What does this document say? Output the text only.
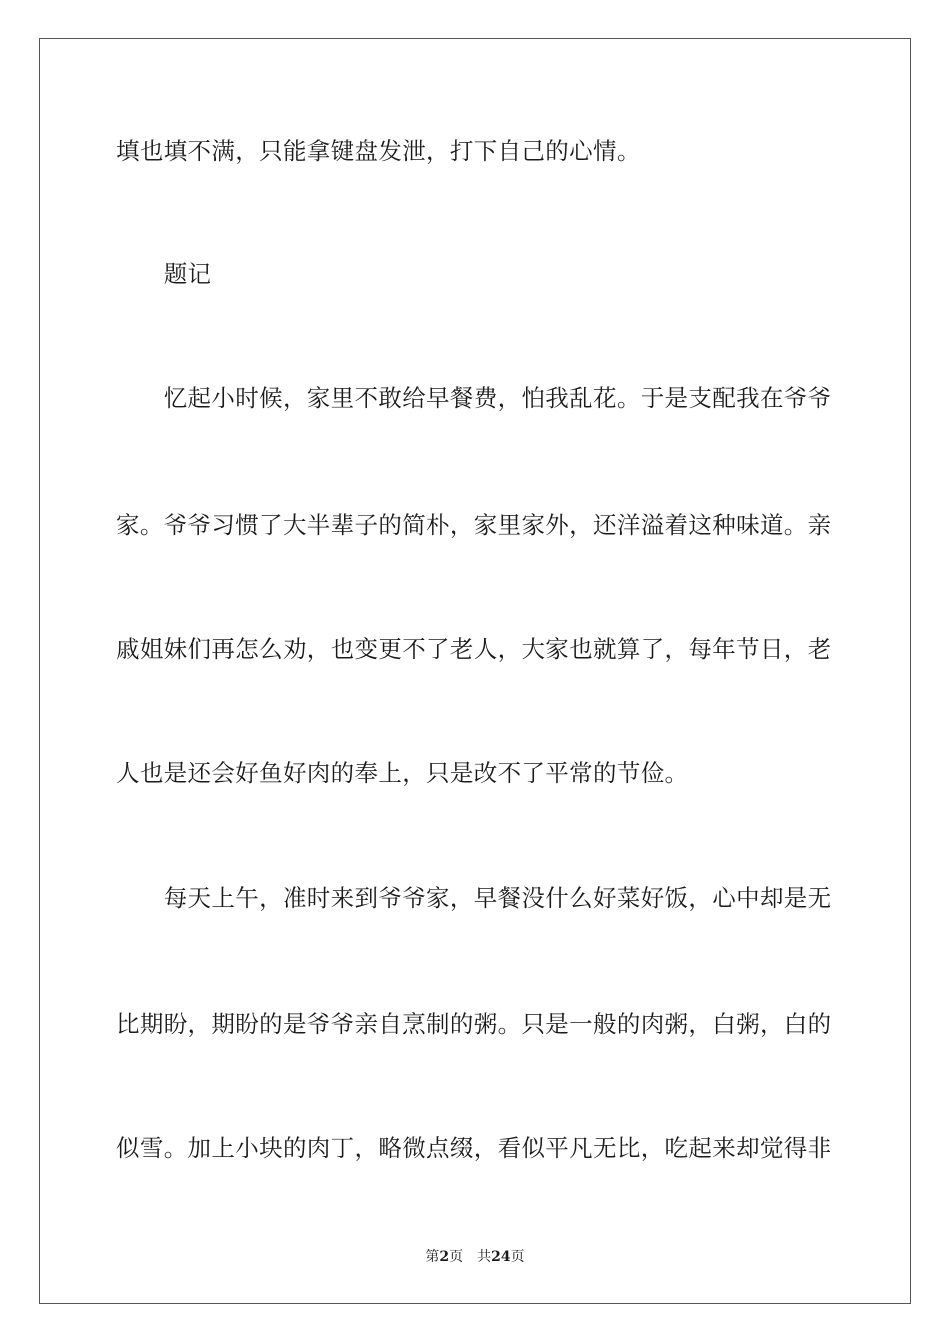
填也填不满，只能拿键盘发泄，打下自己的心情。
　　题记
　　忆起小时候，家里不敢给早餐费，怕我乱花。于是支配我在爷爷
家。爷爷习惯了大半辈子的简朴，家里家外，还洋溢着这种味道。亲
戚姐妹们再怎么劝，也变更不了老人，大家也就算了，每年节日，老
人也是还会好鱼好肉的奉上，只是改不了平常的节俭。
　　每天上午，准时来到爷爷家，早餐没什么好菜好饭，心中却是无
比期盼，期盼的是爷爷亲自烹制的粥。只是一般的肉粥，白粥，白的
似雪。加上小块的肉丁，略微点缀，看似平凡无比，吃起来却觉得非
第2页　共24页
